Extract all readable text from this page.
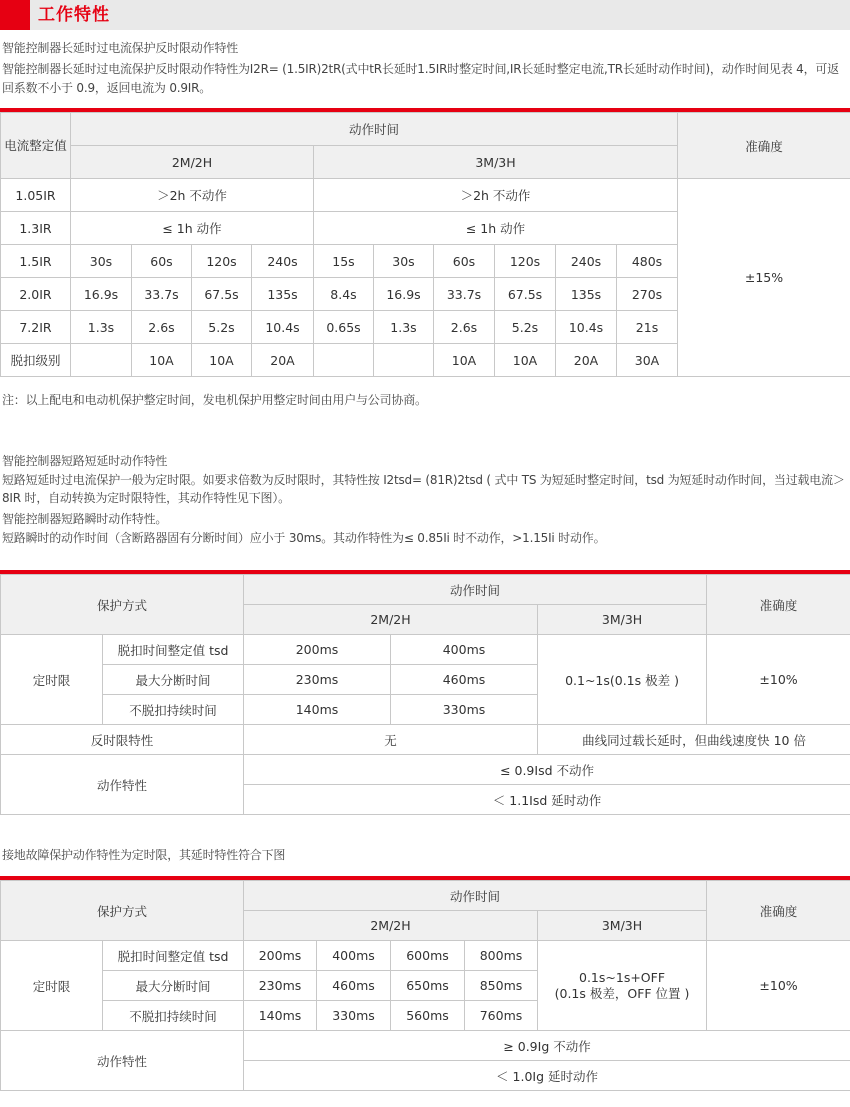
工作特性

智能控制器长延时过电流保护反时限动作特性

智能控制器长延时过电流保护反时限动作特性为I2R= (1.5IR)2tR(式中tR长延时1.5IR时整定时间,IR长延时整定电流,TR长延时动作时间)，动作时间见表 4，可返回系数不小于 0.9，返回电流为 0.9IR。

电流整定值	动作时间										准确度
	2M/2H				3M/3H						
1.05IR	＞2h 不动作				＞2h 不动作						±15%
1.3IR	≤ 1h 动作				≤ 1h 动作						
1.5IR	30s	60s	120s	240s	15s	30s	60s	120s	240s	480s	
2.0IR	16.9s	33.7s	67.5s	135s	8.4s	16.9s	33.7s	67.5s	135s	270s	
7.2IR	1.3s	2.6s	5.2s	10.4s	0.65s	1.3s	2.6s	5.2s	10.4s	21s	
脱扣级别		10A	10A	20A			10A	10A	20A	30A	

注：以上配电和电动机保护整定时间，发电机保护用整定时间由用户与公司协商。

智能控制器短路短延时动作特性

短路短延时过电流保护一般为定时限。如要求倍数为反时限时，其特性按 I2tsd= (81R)2tsd ( 式中 TS 为短延时整定时间，tsd 为短延时动作时间，当过载电流＞ 8IR 时，自动转换为定时限特性，其动作特性见下图）。

智能控制器短路瞬时动作特性。

短路瞬时的动作时间（含断路器固有分断时间）应小于 30ms。其动作特性为≤ 0.85Ii 时不动作，>1.15Ii 时动作。

保护方式		动作时间			准确度
		2M/2H		3M/3H	
定时限	脱扣时间整定值 tsd	200ms	400ms	0.1~1s(0.1s 极差 )	±10%
	最大分断时间	230ms	460ms		
	不脱扣持续时间	140ms	330ms		
反时限特性		无		曲线同过载长延时，但曲线速度快 10 倍	
动作特性		≤ 0.9Isd 不动作			
		＜ 1.1Isd 延时动作			

接地故障保护动作特性为定时限，其延时特性符合下图

保护方式		动作时间					准确度
		2M/2H				3M/3H	
定时限	脱扣时间整定值 tsd	200ms	400ms	600ms	800ms	0.1s~1s+OFF
(0.1s 极差，OFF 位置 )	±10%
	最大分断时间	230ms	460ms	650ms	850ms		
	不脱扣持续时间	140ms	330ms	560ms	760ms		
动作特性		≥ 0.9Ig 不动作					
		＜ 1.0Ig 延时动作					
